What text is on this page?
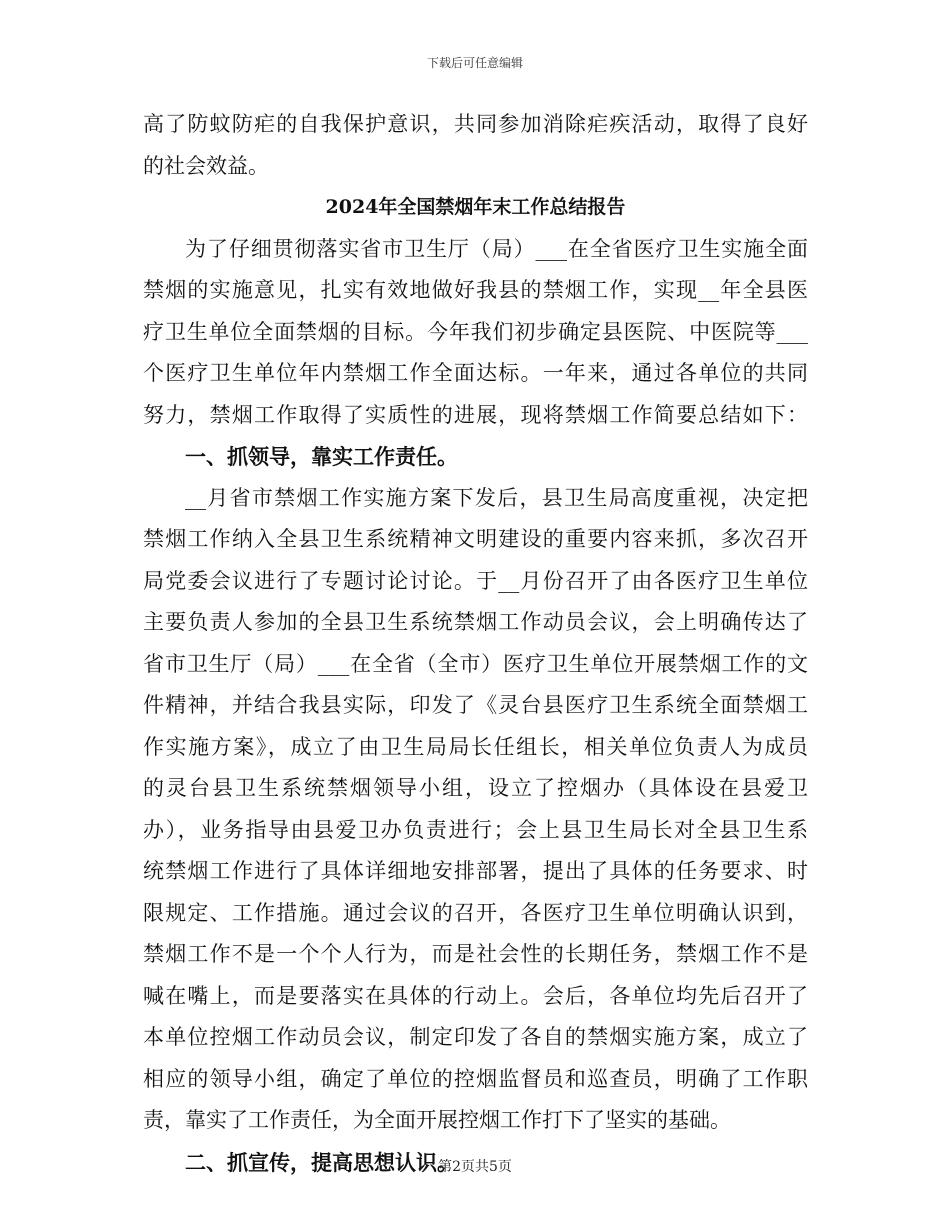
下载后可任意编辑
高了防蚊防疟的自我保护意识，共同参加消除疟疾活动，取得了良好
的社会效益。
2024年全国禁烟年末工作总结报告
为了仔细贯彻落实省市卫生厅（局）___在全省医疗卫生实施全面
禁烟的实施意见，扎实有效地做好我县的禁烟工作，实现__年全县医
疗卫生单位全面禁烟的目标。今年我们初步确定县医院、中医院等___
个医疗卫生单位年内禁烟工作全面达标。一年来，通过各单位的共同
努力，禁烟工作取得了实质性的进展，现将禁烟工作简要总结如下：
一、抓领导，靠实工作责任。
__月省市禁烟工作实施方案下发后，县卫生局高度重视，决定把
禁烟工作纳入全县卫生系统精神文明建设的重要内容来抓，多次召开
局党委会议进行了专题讨论讨论。于__月份召开了由各医疗卫生单位
主要负责人参加的全县卫生系统禁烟工作动员会议，会上明确传达了
省市卫生厅（局）___在全省（全市）医疗卫生单位开展禁烟工作的文
件精神，并结合我县实际，印发了《灵台县医疗卫生系统全面禁烟工
作实施方案》，成立了由卫生局局长任组长，相关单位负责人为成员
的灵台县卫生系统禁烟领导小组，设立了控烟办（具体设在县爱卫
办），业务指导由县爱卫办负责进行；会上县卫生局长对全县卫生系
统禁烟工作进行了具体详细地安排部署，提出了具体的任务要求、时
限规定、工作措施。通过会议的召开，各医疗卫生单位明确认识到，
禁烟工作不是一个个人行为，而是社会性的长期任务，禁烟工作不是
喊在嘴上，而是要落实在具体的行动上。会后，各单位均先后召开了
本单位控烟工作动员会议，制定印发了各自的禁烟实施方案，成立了
相应的领导小组，确定了单位的控烟监督员和巡查员，明确了工作职
责，靠实了工作责任，为全面开展控烟工作打下了坚实的基础。
二、抓宣传，提高思想认识。
第2页共5页
